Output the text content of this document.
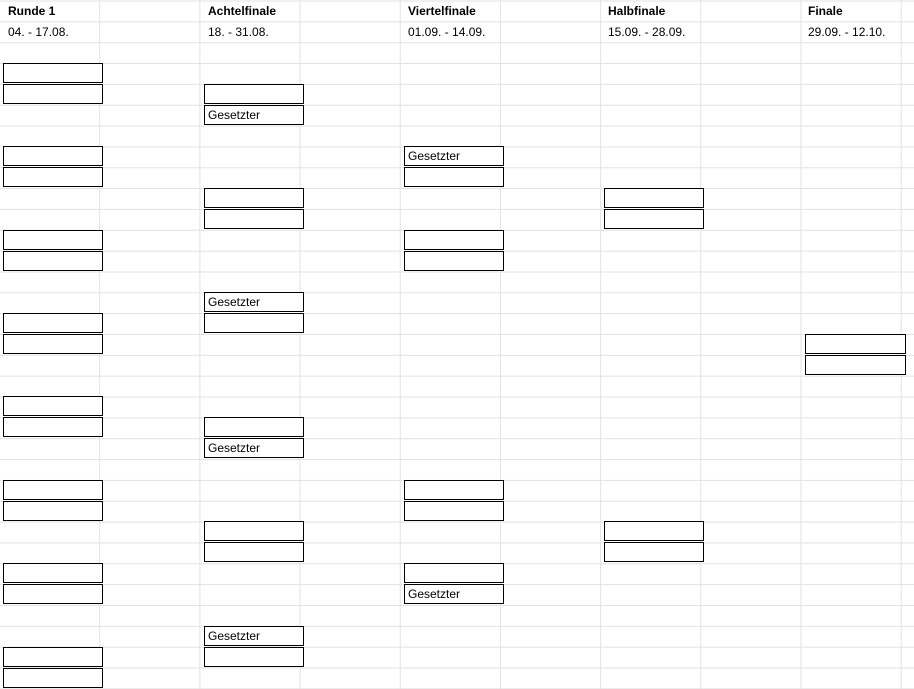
Runde 1	Achtelfinale	Viertelfinale	Halbfinale	Finale
04. - 17.08.	18. - 31.08.	01.09. - 14.09.	15.09. - 28.09.	29.09. - 12.10.
Gesetzter
Gesetzter
Gesetzter
Gesetzter
Gesetzter
Gesetzter
